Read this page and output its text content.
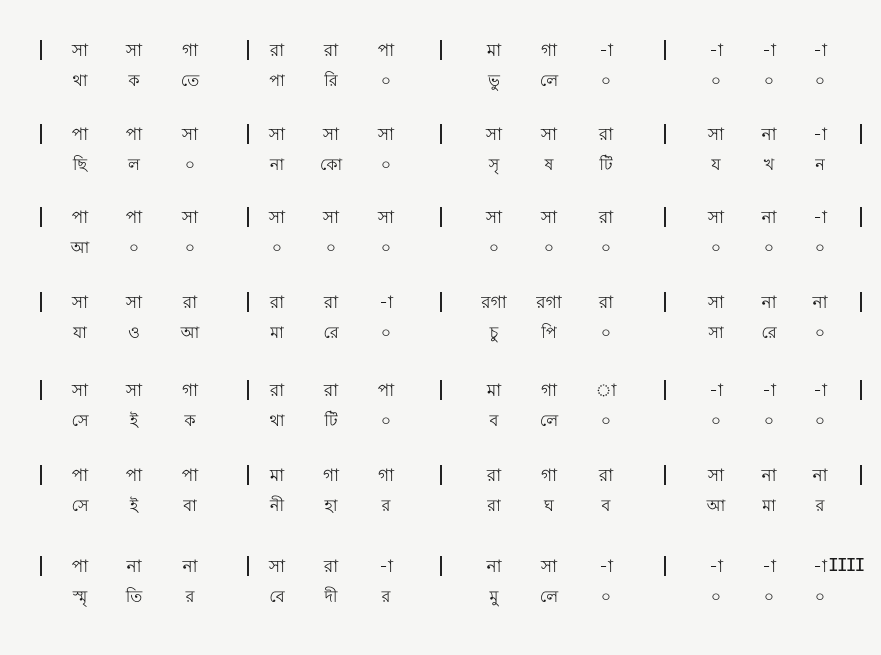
সা সা গা	রা রা পা	মা গা -া	-া -া -া
থা	ক	তে	পা রি	০	ভু লে	০	০	০	০
পা পা সা	সা সা সা	সা সা রা	সা না -া
ছি	ল	০	না কো ০	সৃ	ষ	টি	য	খ	ন
পা পা সা	সা সা সা	সা সা রা	সা না -া
আ ০	০	০	০	০	০	০	০	০	০	০
সা সা রা	রা রা -া	রগা রগা রা	সা না না
যা	ও	আ	মা রে	০	চু	পি	০	সা রে ০
সা সা গা	রা রা পা	মা গা া	-া -া -া
সে	ই	ক	থা টি	০	ব	লে	০	০	০	০
পা পা পা	মা গা গা	রা গা রা	সা না না
সে	ই	বা	নী	হা	র	রা	ঘ	ব	আ মা র
পা না না	সা রা -া	না সা -া	-া -া -া IIII
স্মৃ তি	র	বে দী	র	মু	লে	০	০	০	০
